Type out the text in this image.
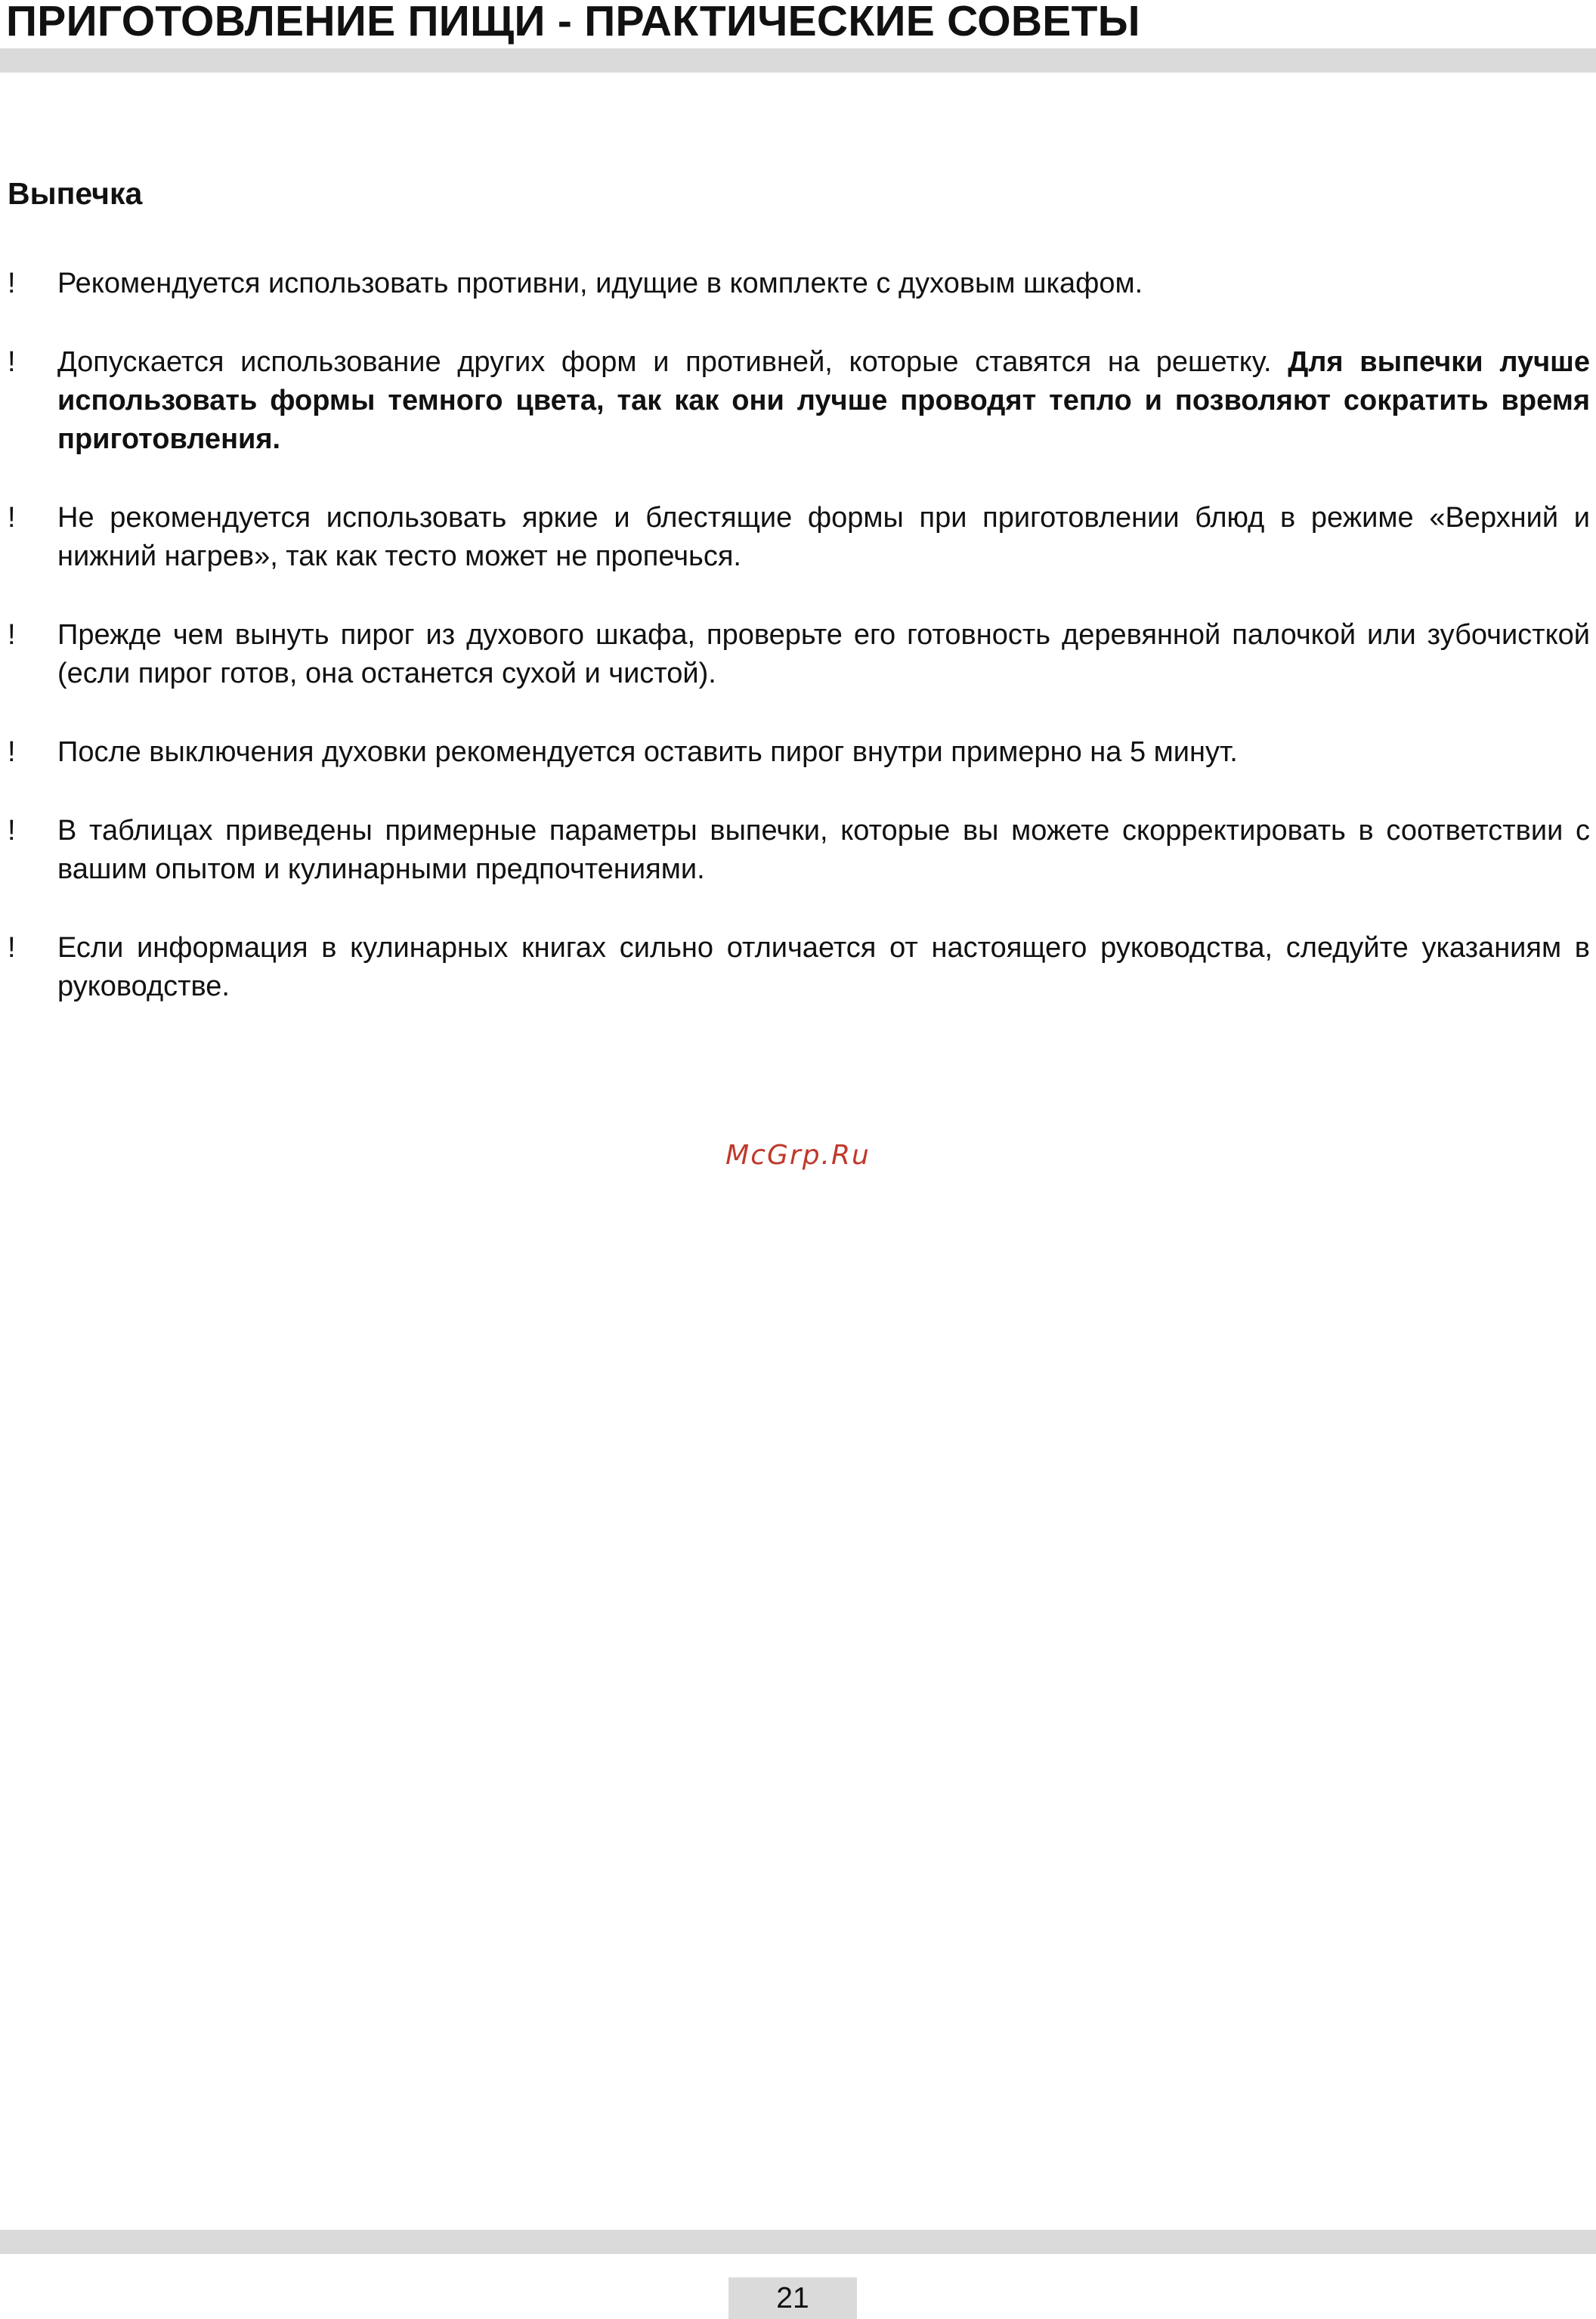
ПРИГОТОВЛЕНИЕ ПИЩИ - ПРАКТИЧЕСКИЕ СОВЕТЫ
Выпечка
!	Рекомендуется использовать противни, идущие в комплекте с духовым шкафом.
!	Допускается использование других форм и противней, которые ставятся на решетку. Для выпечки лучше использовать формы темного цвета, так как они лучше проводят тепло и позволяют сократить время приготовления.
!	Не рекомендуется использовать яркие и блестящие формы при приготовлении блюд в режиме «Верхний и нижний нагрев», так как тесто может не пропечься.
!	Прежде чем вынуть пирог из духового шкафа, проверьте его готовность деревянной палочкой или зубочисткой (если пирог готов, она останется сухой и чистой).
!	После выключения духовки рекомендуется оставить пирог внутри примерно на 5 минут.
!	В таблицах приведены примерные параметры выпечки, которые вы можете скорректировать в соответствии с вашим опытом и кулинарными предпочтениями.
!	Если информация в кулинарных книгах сильно отличается от настоящего руководства, следуйте указаниям в руководстве.
McGrp.Ru
21
